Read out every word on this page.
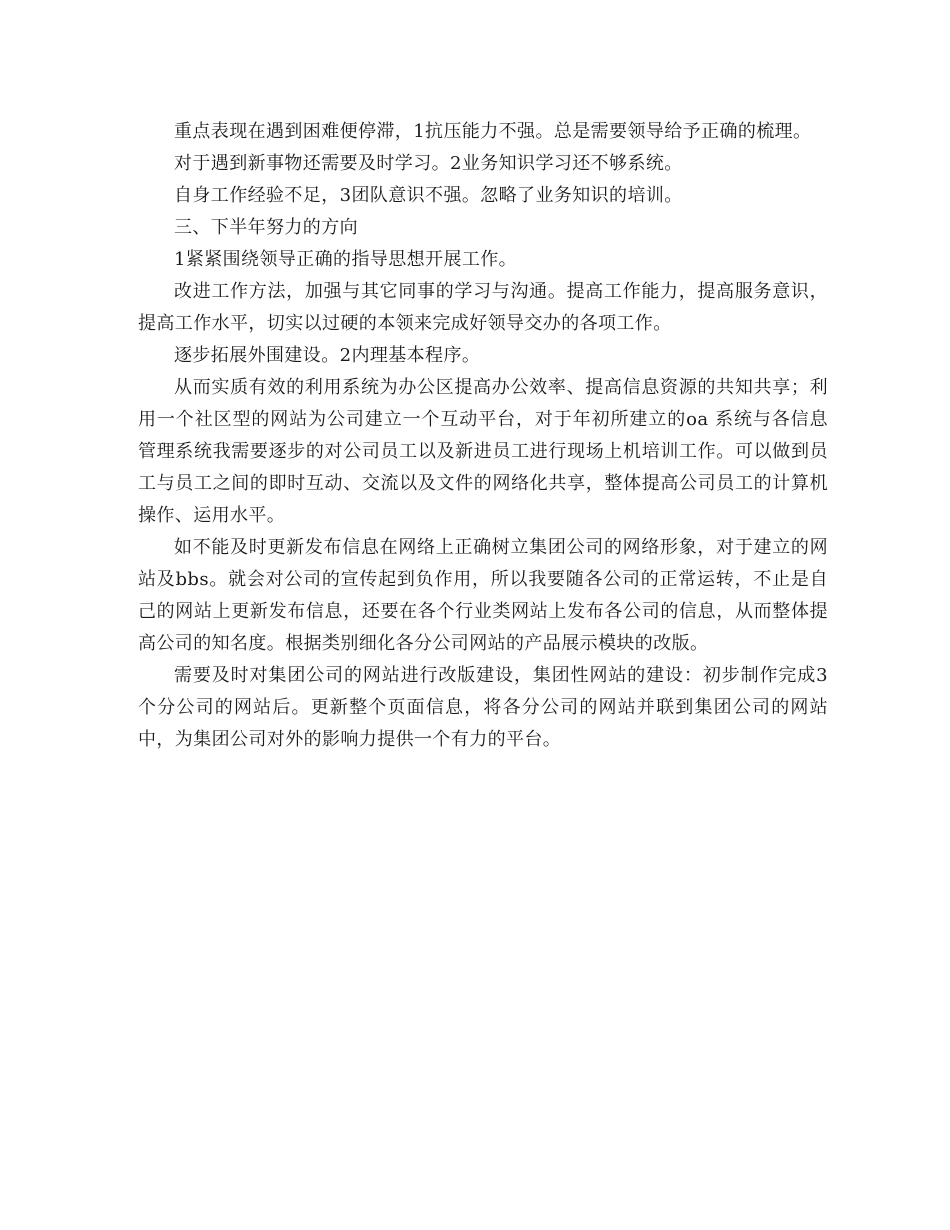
重点表现在遇到困难便停滞，1抗压能力不强。总是需要领导给予正确的梳理。

对于遇到新事物还需要及时学习。2业务知识学习还不够系统。

自身工作经验不足，3团队意识不强。忽略了业务知识的培训。

三、下半年努力的方向

1紧紧围绕领导正确的指导思想开展工作。

改进工作方法，加强与其它同事的学习与沟通。提高工作能力，提高服务意识，提高工作水平，切实以过硬的本领来完成好领导交办的各项工作。

逐步拓展外围建设。2内理基本程序。

从而实质有效的利用系统为办公区提高办公效率、提高信息资源的共知共享；利用一个社区型的网站为公司建立一个互动平台，对于年初所建立的oa 系统与各信息管理系统我需要逐步的对公司员工以及新进员工进行现场上机培训工作。可以做到员工与员工之间的即时互动、交流以及文件的网络化共享，整体提高公司员工的计算机操作、运用水平。

如不能及时更新发布信息在网络上正确树立集团公司的网络形象，对于建立的网站及bbs。就会对公司的宣传起到负作用，所以我要随各公司的正常运转，不止是自己的网站上更新发布信息，还要在各个行业类网站上发布各公司的信息，从而整体提高公司的知名度。根据类别细化各分公司网站的产品展示模块的改版。

需要及时对集团公司的网站进行改版建设，集团性网站的建设：初步制作完成3个分公司的网站后。更新整个页面信息，将各分公司的网站并联到集团公司的网站中，为集团公司对外的影响力提供一个有力的平台。
